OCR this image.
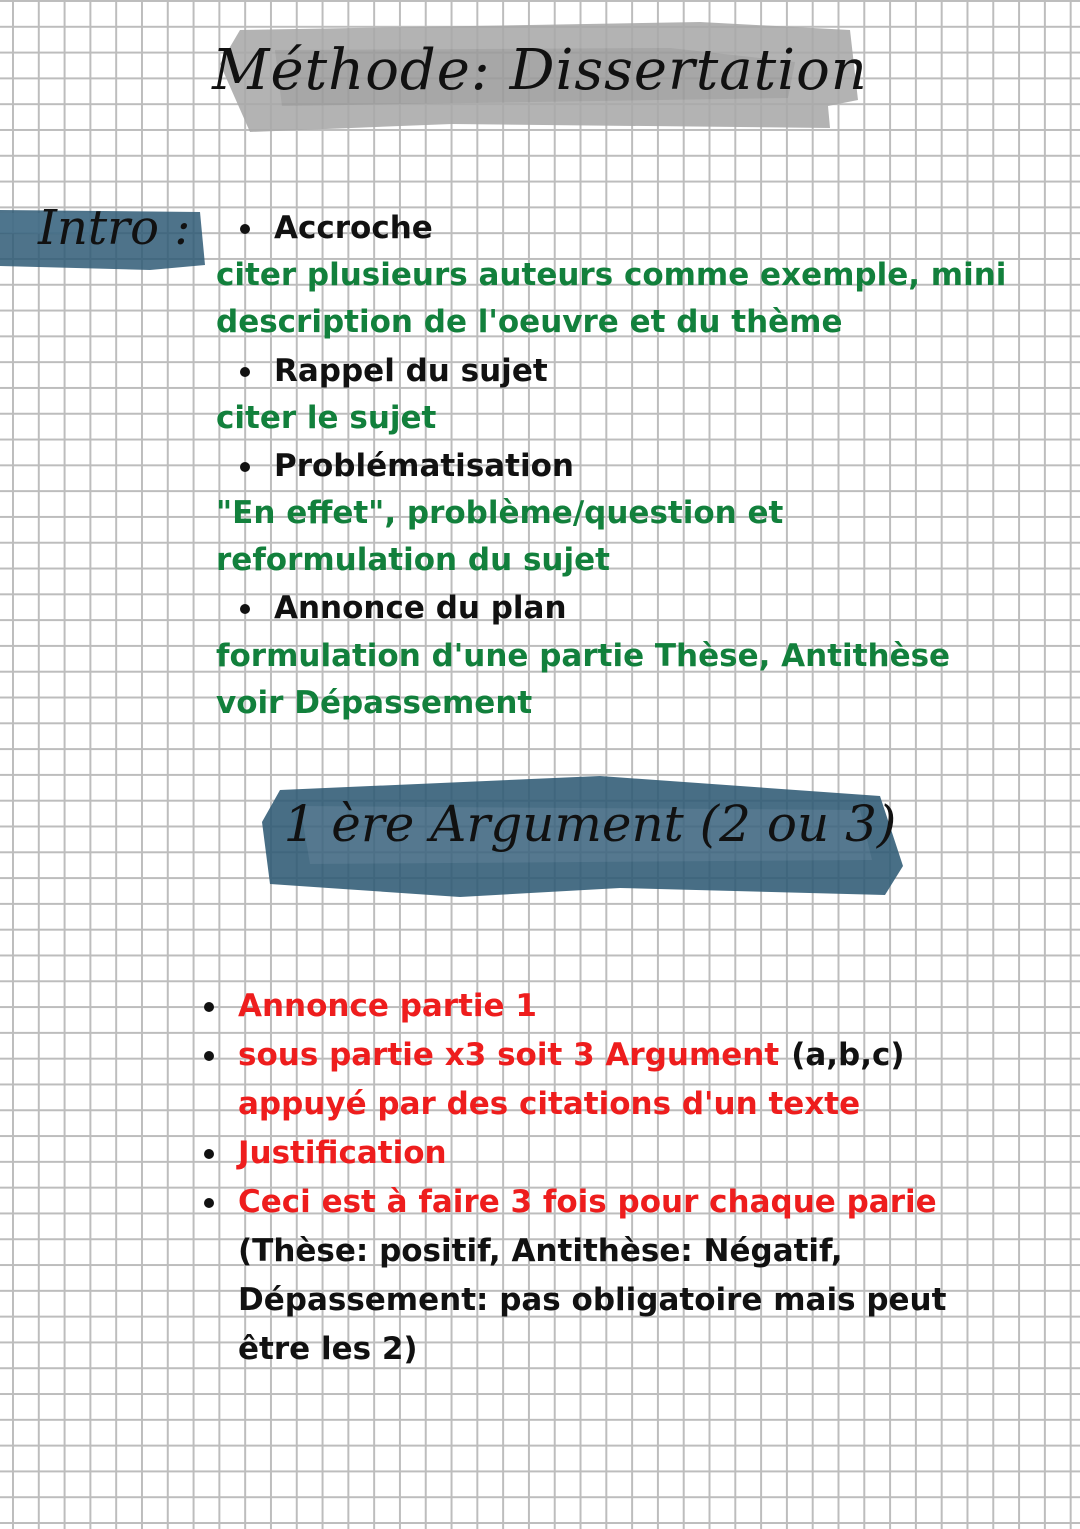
Méthode: Dissertation
Intro :	Accroche
citer plusieurs auteurs comme exemple, mini
description de l'oeuvre et du thème
Rappel du sujet
citer le sujet
Problématisation
"En effet", problème/question et
reformulation du sujet
Annonce du plan
formulation d'une partie Thèse, Antithèse
voir Dépassement
1 ère Argument (2 ou 3)
Annonce partie 1
sous partie x3 soit 3 Argument (a,b,c)
appuyé par des citations d'un texte
Justification
Ceci est à faire 3 fois pour chaque parie
(Thèse: positif, Antithèse: Négatif,
Dépassement: pas obligatoire mais peut
être les 2)
